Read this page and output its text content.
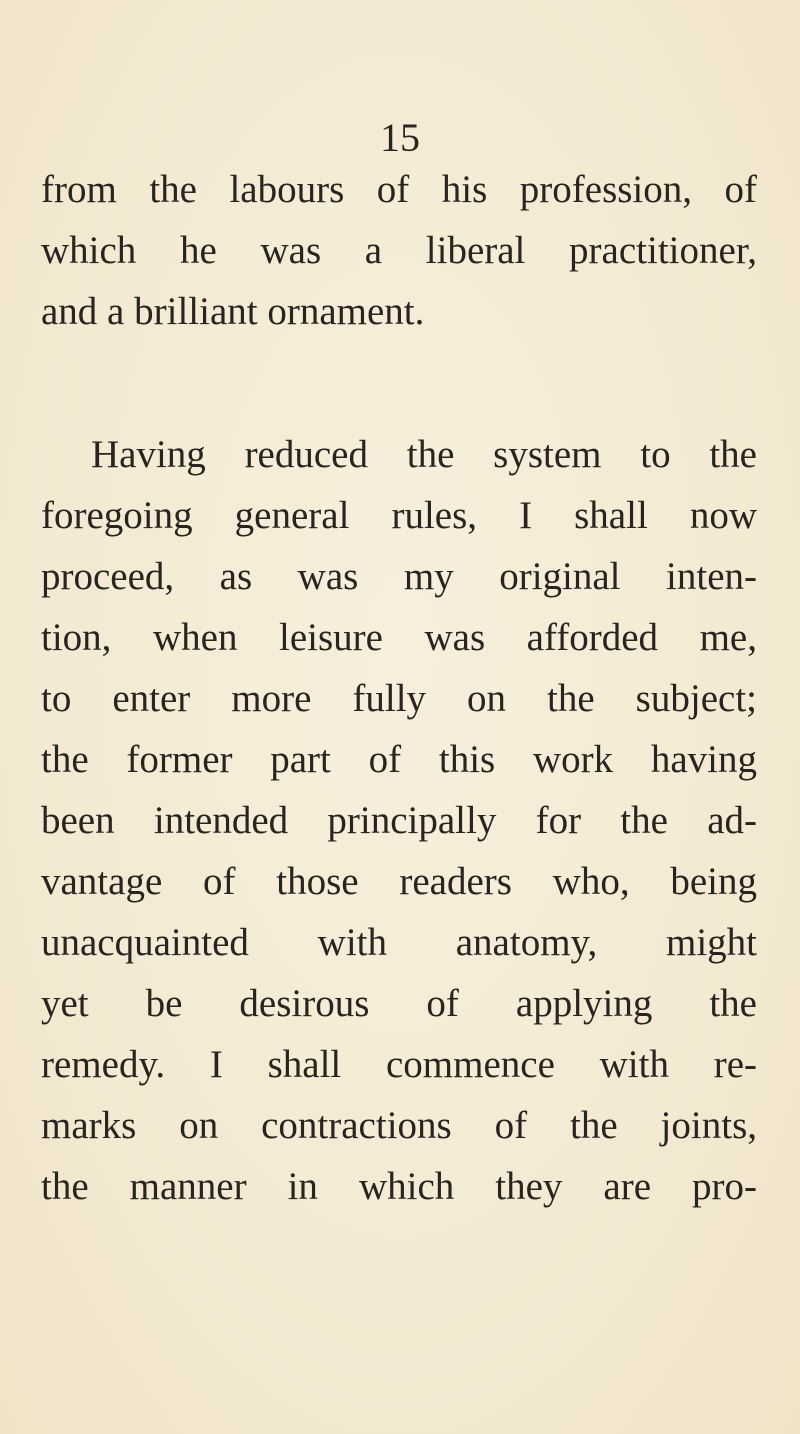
15
from the labours of his profession, of
which he was a liberal practitioner,
and a brilliant ornament.
Having reduced the system to the
foregoing general rules, I shall now
proceed, as was my original inten-
tion, when leisure was afforded me,
to enter more fully on the subject;
the former part of this work having
been intended principally for the ad-
vantage of those readers who, being
unacquainted with anatomy, might
yet be desirous of applying the
remedy. I shall commence with re-
marks on contractions of the joints,
the manner in which they are pro-
